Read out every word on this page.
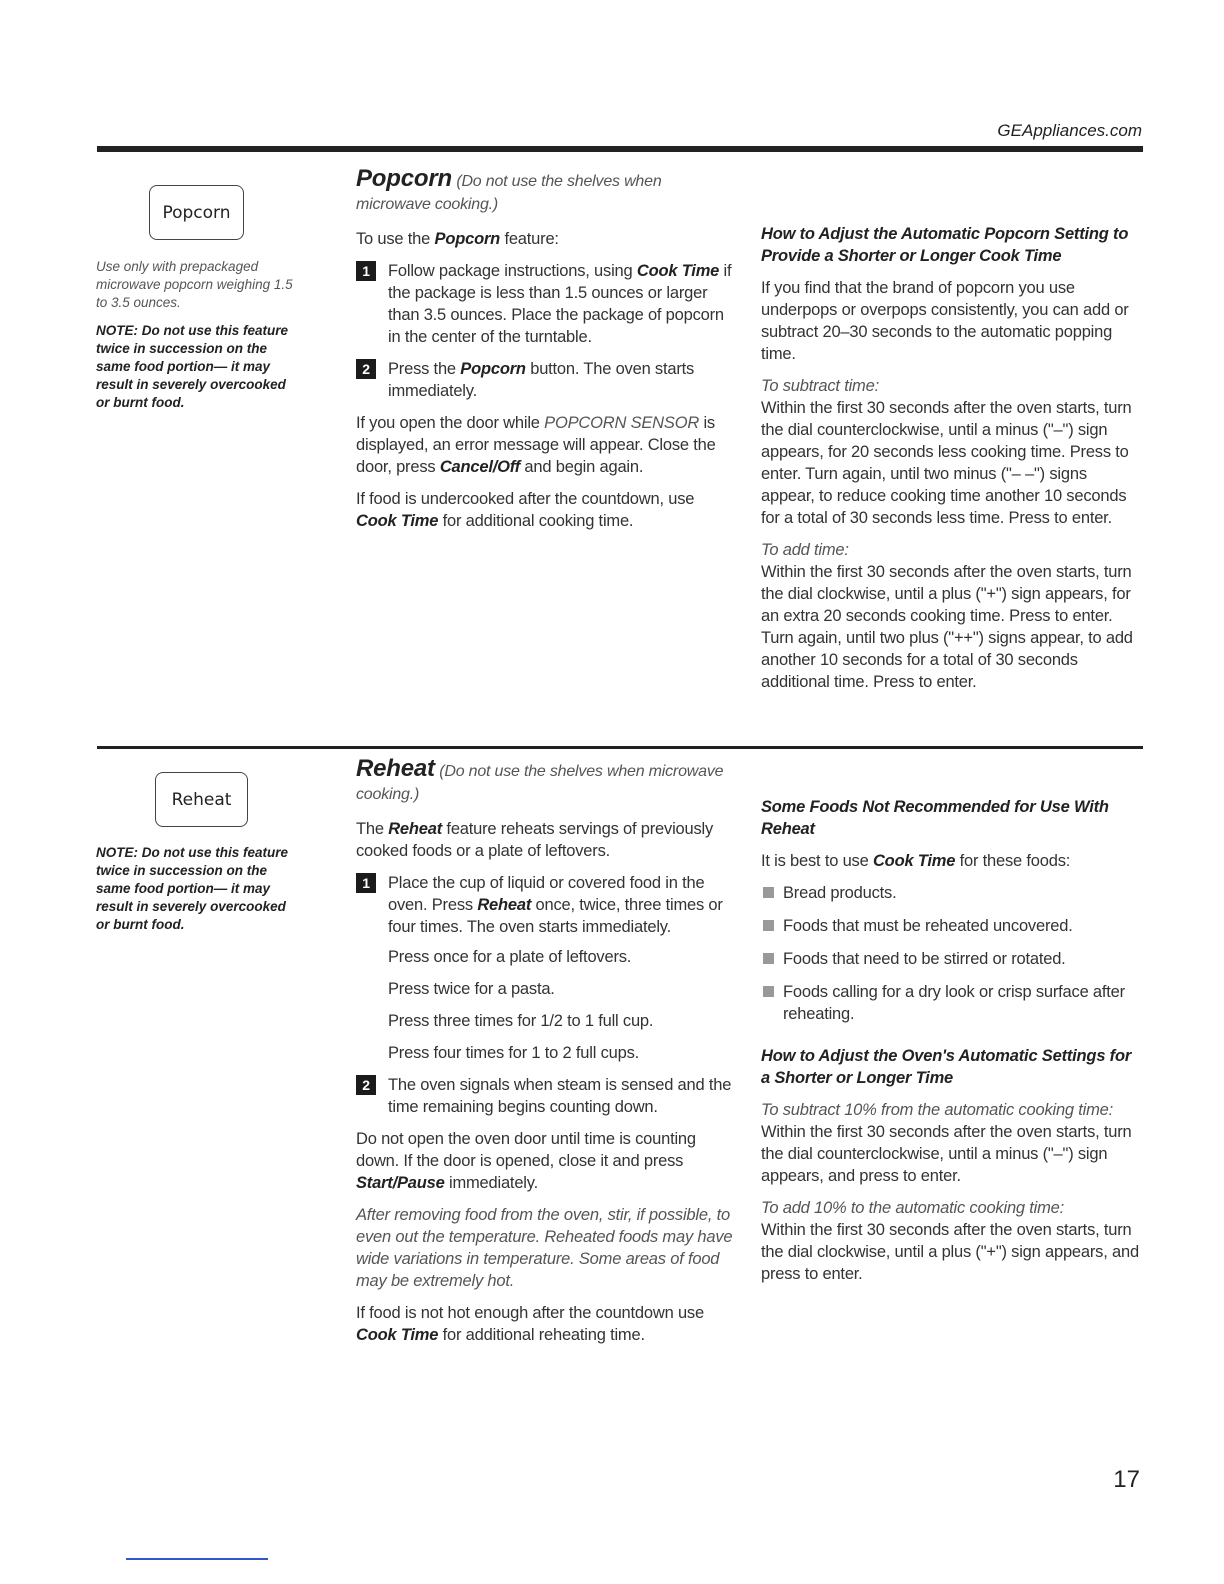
GEAppliances.com
Popcorn

Use only with prepackaged microwave popcorn weighing 1.5 to 3.5 ounces.

NOTE: Do not use this feature twice in succession on the same food portion— it may result in severely overcooked or burnt food.

Popcorn (Do not use the shelves when microwave cooking.)

To use the Popcorn feature:

1	Follow package instructions, using Cook Time if the package is less than 1.5 ounces or larger than 3.5 ounces. Place the package of popcorn in the center of the turntable.
2	Press the Popcorn button. The oven starts immediately.

If you open the door while POPCORN SENSOR is displayed, an error message will appear. Close the door, press Cancel/Off and begin again.

If food is undercooked after the countdown, use Cook Time for additional cooking time.

How to Adjust the Automatic Popcorn Setting to Provide a Shorter or Longer Cook Time

If you find that the brand of popcorn you use underpops or overpops consistently, you can add or subtract 20–30 seconds to the automatic popping time.

To subtract time:

Within the first 30 seconds after the oven starts, turn the dial counterclockwise, until a minus ("–") sign appears, for 20 seconds less cooking time. Press to enter. Turn again, until two minus ("– –") signs appear, to reduce cooking time another 10 seconds for a total of 30 seconds less time. Press to enter.

To add time:

Within the first 30 seconds after the oven starts, turn the dial clockwise, until a plus ("+") sign appears, for an extra 20 seconds cooking time. Press to enter. Turn again, until two plus ("++") signs appear, to add another 10 seconds for a total of 30 seconds additional time. Press to enter.

Reheat

NOTE: Do not use this feature twice in succession on the same food portion— it may result in severely overcooked or burnt food.

Reheat (Do not use the shelves when microwave cooking.)

The Reheat feature reheats servings of previously cooked foods or a plate of leftovers.

1	Place the cup of liquid or covered food in the oven. Press Reheat once, twice, three times or four times. The oven starts immediately.

Press once for a plate of leftovers.

Press twice for a pasta.

Press three times for 1/2 to 1 full cup.

Press four times for 1 to 2 full cups.

2	The oven signals when steam is sensed and the time remaining begins counting down.

Do not open the oven door until time is counting down. If the door is opened, close it and press Start/Pause immediately.

After removing food from the oven, stir, if possible, to even out the temperature. Reheated foods may have wide variations in temperature. Some areas of food may be extremely hot.

If food is not hot enough after the countdown use Cook Time for additional reheating time.

Some Foods Not Recommended for Use With Reheat

It is best to use Cook Time for these foods:

Bread products.
Foods that must be reheated uncovered.
Foods that need to be stirred or rotated.
Foods calling for a dry look or crisp surface after reheating.
How to Adjust the Oven's Automatic Settings for a Shorter or Longer Time
To subtract 10% from the automatic cooking time:

Within the first 30 seconds after the oven starts, turn the dial counterclockwise, until a minus ("–") sign appears, and press to enter.

To add 10% to the automatic cooking time:

Within the first 30 seconds after the oven starts, turn the dial clockwise, until a plus ("+") sign appears, and press to enter.

17
